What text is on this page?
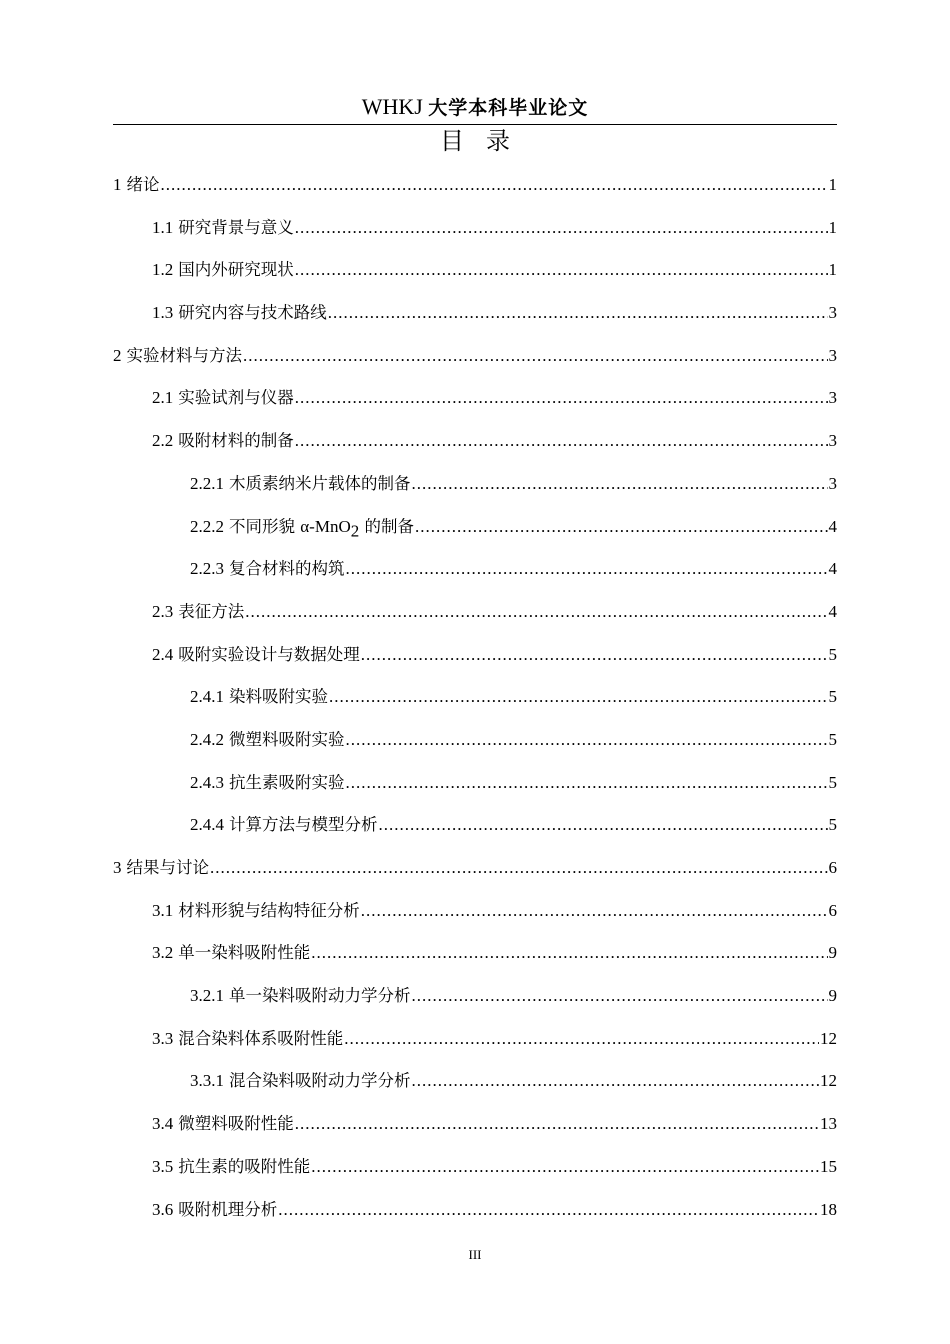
WHKJ 大学本科毕业论文
目录
1 绪论 .....	1
1.1 研究背景与意义 .....	1
1.2 国内外研究现状 .....	1
1.3 研究内容与技术路线 .....	3
2 实验材料与方法 .....	3
2.1 实验试剂与仪器 .....	3
2.2 吸附材料的制备 .....	3
2.2.1 木质素纳米片载体的制备 .....	3
2.2.2 不同形貌 α-MnO$_2$ 的制备 .....	4
2.2.3 复合材料的构筑 .....	4
2.3 表征方法 .....	4
2.4 吸附实验设计与数据处理 .....	5
2.4.1 染料吸附实验 .....	5
2.4.2 微塑料吸附实验 .....	5
2.4.3 抗生素吸附实验 .....	5
2.4.4 计算方法与模型分析 .....	5
3 结果与讨论 .....	6
3.1 材料形貌与结构特征分析 .....	6
3.2 单一染料吸附性能 .....	9
3.2.1 单一染料吸附动力学分析 .....	9
3.3 混合染料体系吸附性能 .....	12
3.3.1 混合染料吸附动力学分析 .....	12
3.4 微塑料吸附性能 .....	13
3.5 抗生素的吸附性能 .....	15
3.6 吸附机理分析 .....	18
III
